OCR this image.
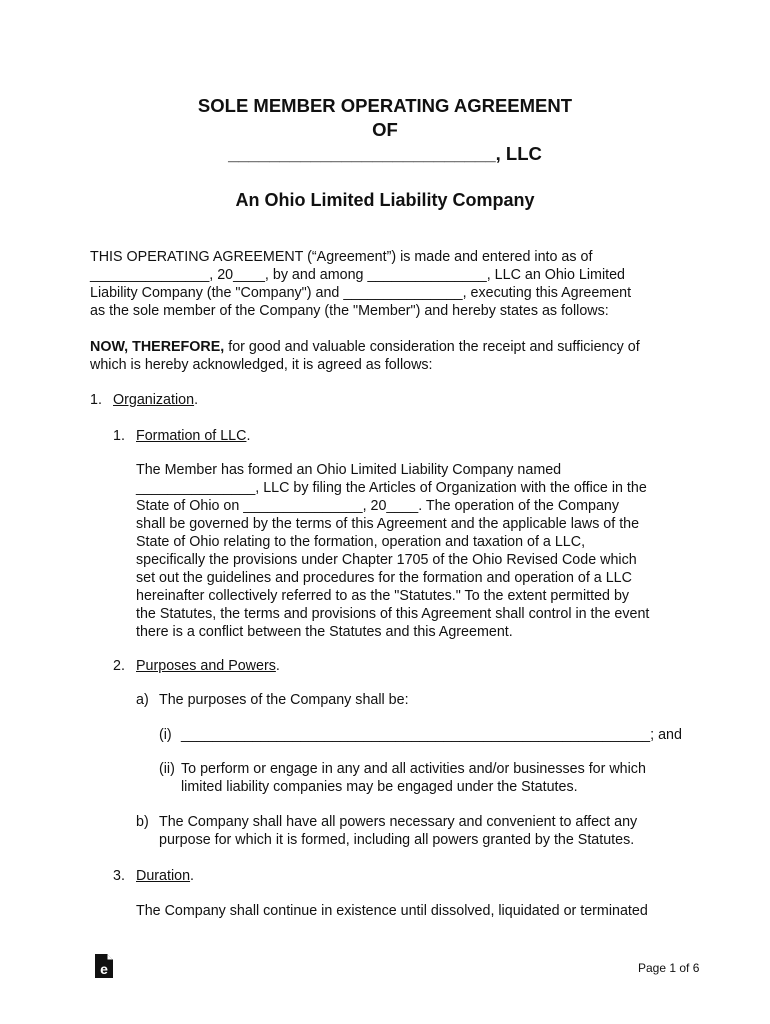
SOLE MEMBER OPERATING AGREEMENT
OF
__________________________, LLC
An Ohio Limited Liability Company
THIS OPERATING AGREEMENT (“Agreement”) is made and entered into as of
_______________, 20____, by and among _______________, LLC an Ohio Limited
Liability Company (the "Company") and _______________, executing this Agreement
as the sole member of the Company (the "Member") and hereby states as follows:
NOW, THEREFORE, for good and valuable consideration the receipt and sufficiency of
which is hereby acknowledged, it is agreed as follows:
1. Organization.
1. Formation of LLC.
The Member has formed an Ohio Limited Liability Company named
_______________, LLC by filing the Articles of Organization with the office in the
State of Ohio on _______________, 20____. The operation of the Company
shall be governed by the terms of this Agreement and the applicable laws of the
State of Ohio relating to the formation, operation and taxation of a LLC,
specifically the provisions under Chapter 1705 of the Ohio Revised Code which
set out the guidelines and procedures for the formation and operation of a LLC
hereinafter collectively referred to as the "Statutes." To the extent permitted by
the Statutes, the terms and provisions of this Agreement shall control in the event
there is a conflict between the Statutes and this Agreement.
2. Purposes and Powers.
a) The purposes of the Company shall be:
(i) ___________________________________________________________; and
(ii) To perform or engage in any and all activities and/or businesses for which
limited liability companies may be engaged under the Statutes.
b) The Company shall have all powers necessary and convenient to affect any
purpose for which it is formed, including all powers granted by the Statutes.
3. Duration.
The Company shall continue in existence until dissolved, liquidated or terminated
e	Page 1 of 6
